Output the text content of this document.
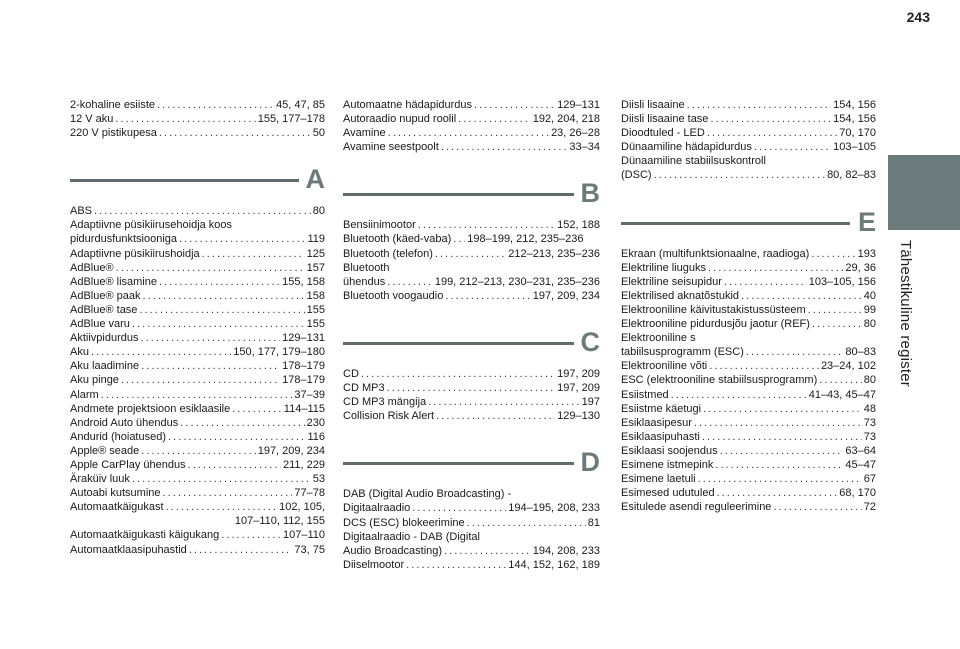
243
Tähestikuline register
2-kohaline esiiste . . .	45, 47, 85
12 V aku . . .	155, 177–178
220 V pistikupesa . . .	50
A
ABS . . .	80
Adaptiivne püsikiirusehoidja koos
pidurdusfunktsiooniga . . .	119
Adaptiivne püsikiirushoidja . . .	125
AdBlue® . . .	157
AdBlue® lisamine . . .	155, 158
AdBlue® paak . . .	158
AdBlue® tase . . .	155
AdBlue varu . . .	155
Aktiivpidurdus . . .	129–131
Aku . . .	150, 177, 179–180
Aku laadimine . . .	178–179
Aku pinge . . .	178–179
Alarm . . .	37–39
Andmete projektsioon esiklaasile . . .	114–115
Android Auto ühendus . . .	230
Andurid (hoiatused) . . .	116
Apple® seade . . .	197, 209, 234
Apple CarPlay ühendus . . .	211, 229
Äraküiv luuk . . .	53
Autoabi kutsumine . . .	77–78
Automaatkäigukast . . .	102, 105,
107–110, 112, 155
Automaatkäigukasti käigukang . . .	107–110
Automaatklaasipuhastid . . .	73, 75
Automaatne hädapidurdus . . .	129–131
Autoraadio nupud roolil . . .	192, 204, 218
Avamine . . .	23, 26–28
Avamine seestpoolt . . .	33–34
B
Bensiinimootor . . .	152, 188
Bluetooth (käed-vaba) . . . 198–199, 212, 235–236
Bluetooth (telefon) . . .	212–213, 235–236
Bluetooth
ühendus . . .	199, 212–213, 230–231, 235–236
Bluetooth voogaudio . . .	197, 209, 234
C
CD . . .	197, 209
CD MP3 . . .	197, 209
CD MP3 mängija . . .	197
Collision Risk Alert . . .	129–130
D
DAB (Digital Audio Broadcasting) -
Digitaalraadio . . .	194–195, 208, 233
DCS (ESC) blokeerimine . . .	81
Digitaalraadio - DAB (Digital
Audio Broadcasting) . . .	194, 208, 233
Diiselmootor . . .	144, 152, 162, 189
Diisli lisaaine . . .	154, 156
Diisli lisaaine tase . . .	154, 156
Dioodtuled - LED . . .	70, 170
Dünaamiline hädapidurdus . . .	103–105
Dünaamiline stabiilsuskontroll
(DSC) . . .	80, 82–83
E
Ekraan (multifunktsionaalne, raadioga) . . .	193
Elektriline liuguks . . .	29, 36
Elektriline seisupidur . . .	103–105, 156
Elektrilised aknatõstukid . . .	40
Elektrooniline käivitustakistussüsteem . . .	99
Elektrooniline pidurdusjõu jaotur (REF) . . .	80
Elektrooniline s
tabiilsusprogramm (ESC) . . .	80–83
Elektrooniline võti . . .	23–24, 102
ESC (elektrooniline stabiilsusprogramm) . . .	80
Esiistmed . . .	41–43, 45–47
Esiistme käetugi . . .	48
Esiklaasipesur . . .	73
Esiklaasipuhasti . . .	73
Esiklaasi soojendus . . .	63–64
Esimene istmepink . . .	45–47
Esimene laetuli . . .	67
Esimesed udutuled . . .	68, 170
Esitulede asendi reguleerimine . . .	72
